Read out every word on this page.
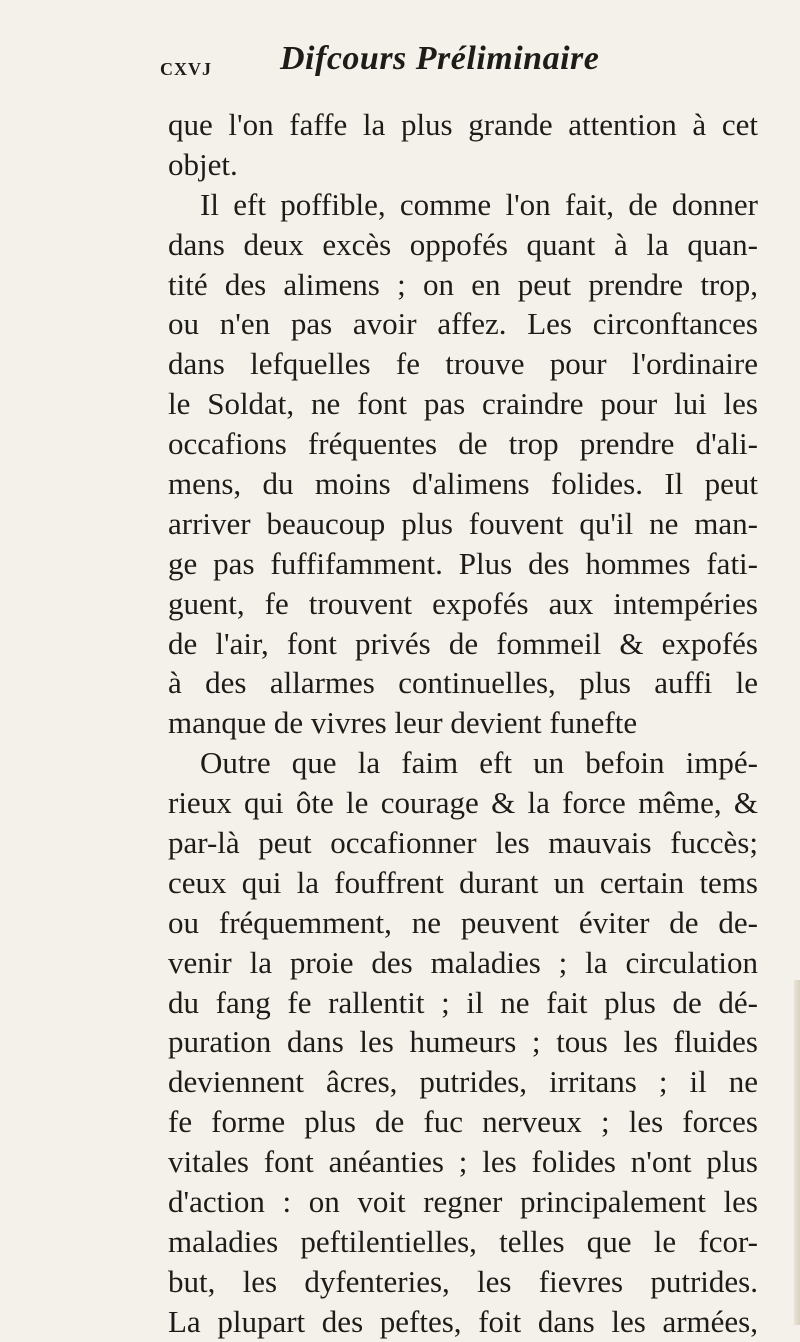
cxvj Difcours Préliminaire
que l'on faffe la plus grande attention à cet
objet.
Il eft poffible, comme l'on fait, de donner
dans deux excès oppofés quant à la quan-
tité des alimens ; on en peut prendre trop,
ou n'en pas avoir affez. Les circonftances
dans lefquelles fe trouve pour l'ordinaire
le Soldat, ne font pas craindre pour lui les
occafions fréquentes de trop prendre d'ali-
mens, du moins d'alimens folides. Il peut
arriver beaucoup plus fouvent qu'il ne man-
ge pas fuffifamment. Plus des hommes fati-
guent, fe trouvent expofés aux intempéries
de l'air, font privés de fommeil & expofés
à des allarmes continuelles, plus auffi le
manque de vivres leur devient funefte
Outre que la faim eft un befoin impé-
rieux qui ôte le courage & la force même, &
par-là peut occafionner les mauvais fuccès;
ceux qui la fouffrent durant un certain tems
ou fréquemment, ne peuvent éviter de de-
venir la proie des maladies ; la circulation
du fang fe rallentit ; il ne fait plus de dé-
puration dans les humeurs ; tous les fluides
deviennent âcres, putrides, irritans ; il ne
fe forme plus de fuc nerveux ; les forces
vitales font anéanties ; les folides n'ont plus
d'action : on voit regner principalement les
maladies peftilentielles, telles que le fcor-
but, les dyfenteries, les fievres putrides.
La plupart des peftes, foit dans les armées,
